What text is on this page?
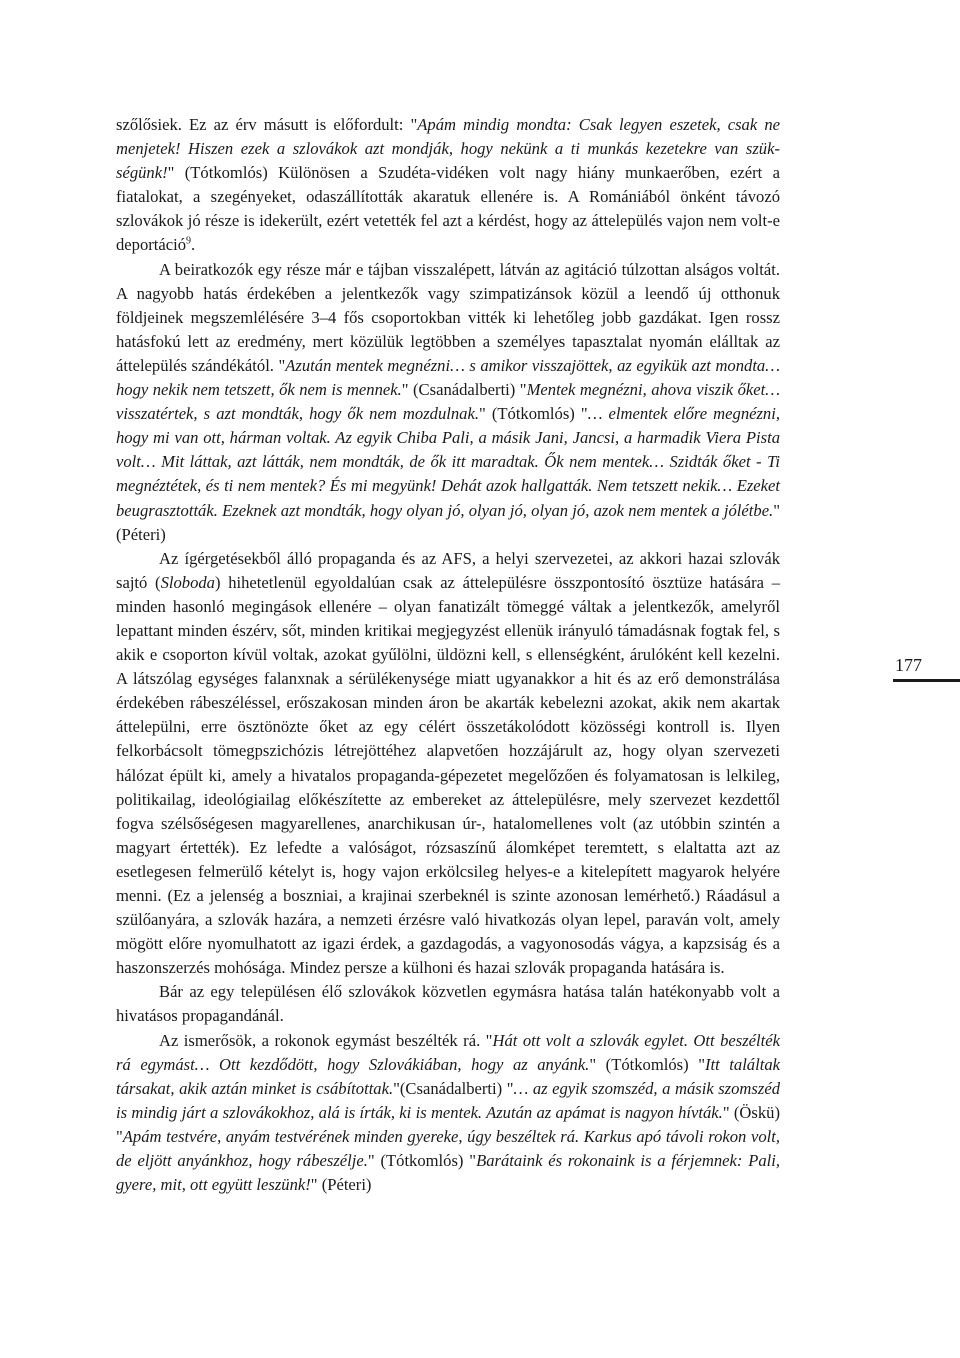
szőlősiek. Ez az érv másutt is előfordult: "Apám mindig mondta: Csak legyen eszetek, csak ne menjetek! Hiszen ezek a szlovákok azt mondják, hogy nekünk a ti munkás kezetekre van szükségünk!" (Tótkomlós) Különösen a Szudéta-vidéken volt nagy hiány munkaerőben, ezért a fiatalokat, a szegényeket, odaszállították akaratuk ellenére is. A Romániából önként távozó szlovákok jó része is idekerült, ezért vetették fel azt a kérdést, hogy az áttelepülés vajon nem volt-e deportáció$^9$.

A beiratkozók egy része már e tájban visszalépett, látván az agitáció túlzottan alságos voltát. A nagyobb hatás érdekében a jelentkezők vagy szimpatizánsok közül a leendő új otthonuk földjeinek megszemlélésére 3–4 fős csoportokban vitték ki lehetőleg jobb gazdákat. Igen rossz hatásfokú lett az eredmény, mert közülük legtöbben a személyes tapasztalat nyomán elálltak az áttelepülés szándékától. "Azután mentek megnézni… s amikor visszajöttek, az egyikük azt mondta… hogy nekik nem tetszett, ők nem is mennek." (Csanádalberti) "Mentek megnézni, ahova viszik őket… visszatértek, s azt mondták, hogy ők nem mozdulnak." (Tótkomlós) "… elmentek előre megnézni, hogy mi van ott, hárman voltak. Az egyik Chiba Pali, a másik Jani, Jancsi, a harmadik Viera Pista volt… Mit láttak, azt látták, nem mondták, de ők itt maradtak. Ők nem mentek… Szidták őket - Ti megnéztétek, és ti nem mentek? És mi megyünk! Dehát azok hallgatták. Nem tetszett nekik… Ezeket beugrasztották. Ezeknek azt mondták, hogy olyan jó, olyan jó, olyan jó, azok nem mentek a jólétbe." (Péteri)

Az ígérgetésekből álló propaganda és az AFS, a helyi szervezetei, az akkori hazai szlovák sajtó (Sloboda) hihetetlenül egyoldalúan csak az áttelepülésre összpontosító ösztüze hatására – minden hasonló megingások ellenére – olyan fanatizált tömeggé váltak a jelentkezők, amelyről lepattant minden észérv, sőt, minden kritikai megjegyzést ellenük irányuló támadásnak fogtak fel, s akik e csoporton kívül voltak, azokat gyűlölni, üldözni kell, s ellenségként, árulóként kell kezelni. A látszólag egységes falanxnak a sérülékenysége miatt ugyanakkor a hit és az erő demonstrálása érdekében rábeszéléssel, erőszakosan minden áron be akarták kebelezni azokat, akik nem akartak áttelepülni, erre ösztönözte őket az egy célért összetákolódott közösségi kontroll is. Ilyen felkorbácsolt tömegpszichózis létrejöttéhez alapvetően hozzájárult az, hogy olyan szervezeti hálózat épült ki, amely a hivatalos propaganda-gépezetet megelőzően és folyamatosan is lelkileg, politikailag, ideológiailag előkészítette az embereket az áttelepülésre, mely szervezet kezdettől fogva szélsőségesen magyarellenes, anarchikusan úr-, hatalomellenes volt (az utóbbin szintén a magyart értették). Ez lefedte a valóságot, rózsaszínű álomképet teremtett, s elaltatta azt az esetlegesen felmerülő kételyt is, hogy vajon erkölcsileg helyes-e a kitelepített magyarok helyére menni. (Ez a jelenség a boszniai, a krajinai szerbeknél is szinte azonosan lemérhető.) Ráadásul a szülőanyára, a szlovák hazára, a nemzeti érzésre való hivatkozás olyan lepel, paraván volt, amely mögött előre nyomulhatott az igazi érdek, a gazdagodás, a vagyonosodás vágya, a kapzsiság és a haszonszerzés mohósága. Mindez persze a külhoni és hazai szlovák propaganda hatására is.

Bár az egy településen élő szlovákok közvetlen egymásra hatása talán hatékonyabb volt a hivatásos propagandánál.

Az ismerősök, a rokonok egymást beszélték rá. "Hát ott volt a szlovák egylet. Ott beszélték rá egymást… Ott kezdődött, hogy Szlovákiában, hogy az anyánk." (Tótkomlós) "Itt találtak társakat, akik aztán minket is csábítottak."(Csanádalberti) "… az egyik szomszéd, a másik szomszéd is mindig járt a szlovákokhoz, alá is írták, ki is mentek. Azután az apámat is nagyon hívták." (Öskü) "Apám testvére, anyám testvérének minden gyereke, úgy beszéltek rá. Karkus apó távoli rokon volt, de eljött anyánkhoz, hogy rábeszélje." (Tótkomlós) "Barátaink és rokonaink is a férjemnek: Pali, gyere, mit, ott együtt leszünk!" (Péteri)

177
